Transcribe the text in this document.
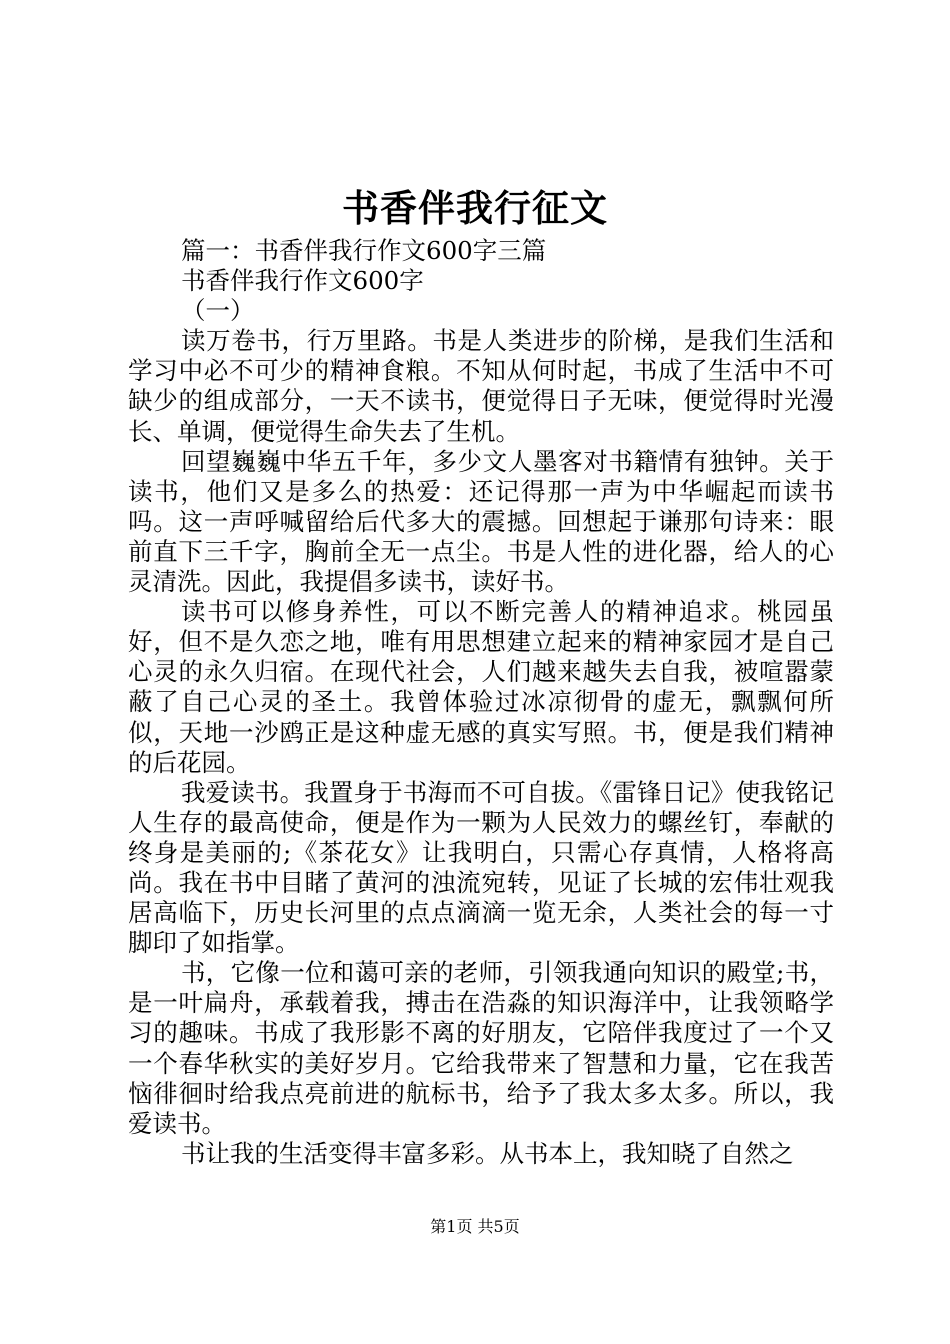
书香伴我行征文

篇一：书香伴我行作文600字三篇

书香伴我行作文600字

（一）

读万卷书，行万里路。书是人类进步的阶梯，是我们生活和学习中必不可少的精神食粮。不知从何时起，书成了生活中不可缺少的组成部分，一天不读书，便觉得日子无味，便觉得时光漫长、单调，便觉得生命失去了生机。

回望巍巍中华五千年，多少文人墨客对书籍情有独钟。关于读书，他们又是多么的热爱：还记得那一声为中华崛起而读书吗。这一声呼喊留给后代多大的震撼。回想起于谦那句诗来：眼前直下三千字，胸前全无一点尘。书是人性的进化器，给人的心灵清洗。因此，我提倡多读书，读好书。

读书可以修身养性，可以不断完善人的精神追求。桃园虽好，但不是久恋之地，唯有用思想建立起来的精神家园才是自己心灵的永久归宿。在现代社会，人们越来越失去自我，被喧嚣蒙蔽了自己心灵的圣土。我曾体验过冰凉彻骨的虚无，飘飘何所似，天地一沙鸥正是这种虚无感的真实写照。书，便是我们精神的后花园。

我爱读书。我置身于书海而不可自拔。《雷锋日记》使我铭记人生存的最高使命，便是作为一颗为人民效力的螺丝钉，奉献的终身是美丽的;《茶花女》让我明白，只需心存真情，人格将高尚。我在书中目睹了黄河的浊流宛转，见证了长城的宏伟壮观我居高临下，历史长河里的点点滴滴一览无余，人类社会的每一寸脚印了如指掌。

书，它像一位和蔼可亲的老师，引领我通向知识的殿堂;书，是一叶扁舟，承载着我，搏击在浩淼的知识海洋中，让我领略学习的趣味。书成了我形影不离的好朋友，它陪伴我度过了一个又一个春华秋实的美好岁月。它给我带来了智慧和力量，它在我苦恼徘徊时给我点亮前进的航标书，给予了我太多太多。所以，我爱读书。

书让我的生活变得丰富多彩。从书本上，我知晓了自然之

第1页 共5页
